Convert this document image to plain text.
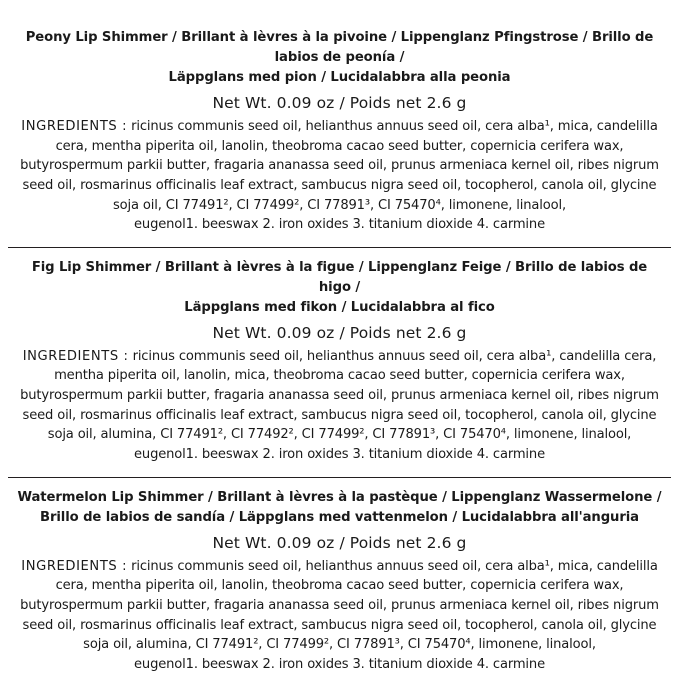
Peony Lip Shimmer / Brillant à lèvres à la pivoine / Lippenglanz Pfingstrose / Brillo de labios de peonía /
Läppglans med pion / Lucidalabbra alla peonia
Net Wt. 0.09 oz / Poids net 2.6 g
INGREDIENTS : ricinus communis seed oil, helianthus annuus seed oil, cera alba¹, mica, candelilla cera, mentha piperita oil, lanolin, theobroma cacao seed butter, copernicia cerifera wax, butyrospermum parkii butter, fragaria ananassa seed oil, prunus armeniaca kernel oil, ribes nigrum seed oil, rosmarinus officinalis leaf extract, sambucus nigra seed oil, tocopherol, canola oil, glycine soja oil, CI 77491², CI 77499², CI 77891³, CI 75470⁴, limonene, linalool, eugenol1. beeswax 2. iron oxides 3. titanium dioxide 4. carmine
Fig Lip Shimmer / Brillant à lèvres à la figue / Lippenglanz Feige / Brillo de labios de higo /
Läppglans med fikon / Lucidalabbra al fico
Net Wt. 0.09 oz / Poids net 2.6 g
INGREDIENTS : ricinus communis seed oil, helianthus annuus seed oil, cera alba¹, candelilla cera, mentha piperita oil, lanolin, mica, theobroma cacao seed butter, copernicia cerifera wax, butyrospermum parkii butter, fragaria ananassa seed oil, prunus armeniaca kernel oil, ribes nigrum seed oil, rosmarinus officinalis leaf extract, sambucus nigra seed oil, tocopherol, canola oil, glycine soja oil, alumina, CI 77491², CI 77492², CI 77499², CI 77891³, CI 75470⁴, limonene, linalool, eugenol1. beeswax 2. iron oxides 3. titanium dioxide 4. carmine
Watermelon Lip Shimmer / Brillant à lèvres à la pastèque / Lippenglanz Wassermelone /
Brillo de labios de sandía / Läppglans med vattenmelon / Lucidalabbra all'anguria
Net Wt. 0.09 oz / Poids net 2.6 g
INGREDIENTS : ricinus communis seed oil, helianthus annuus seed oil, cera alba¹, mica, candelilla cera, mentha piperita oil, lanolin, theobroma cacao seed butter, copernicia cerifera wax, butyrospermum parkii butter, fragaria ananassa seed oil, prunus armeniaca kernel oil, ribes nigrum seed oil, rosmarinus officinalis leaf extract, sambucus nigra seed oil, tocopherol, canola oil, glycine soja oil, alumina, CI 77491², CI 77499², CI 77891³, CI 75470⁴, limonene, linalool, eugenol1. beeswax 2. iron oxides 3. titanium dioxide 4. carmine
